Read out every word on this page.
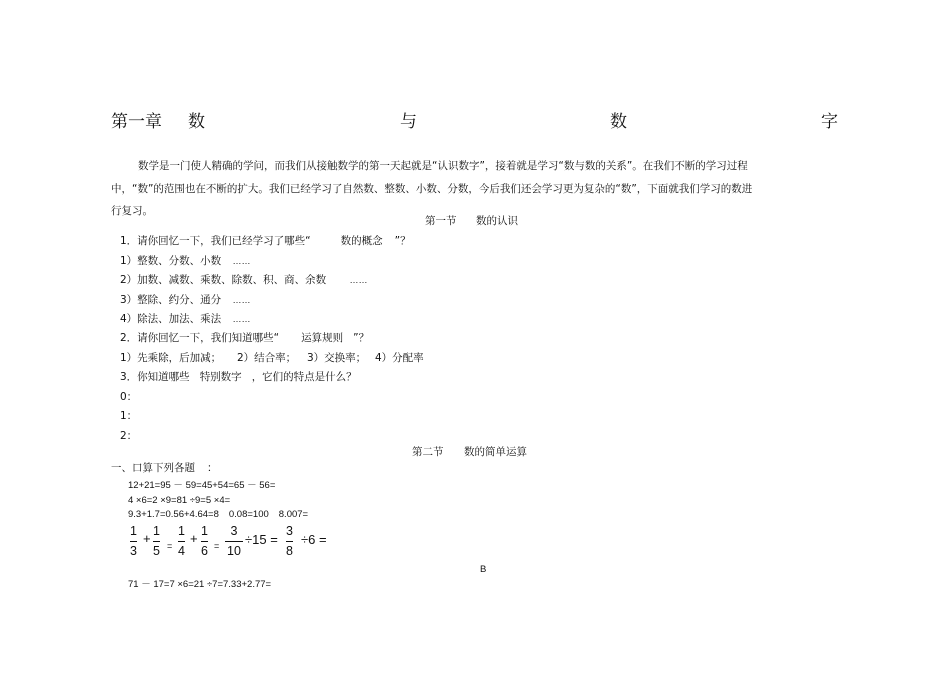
第一章 数	与	数	字
数学是一门使人精确的学问，而我们从接触数学的第一天起就是“认识数字”，接着就是学习“数与数的关系”。在我们不断的学习过程中，“数”的范围也在不断的扩大。我们已经学习了自然数、整数、小数、分数，今后我们还会学习更为复杂的“数”，下面就我们学习的数进行复习。
第一节 数的认识
1．请你回忆一下，我们已经学习了哪些“	数的概念 ”？
1）整数、分数、小数 ……
2）加数、减数、乘数、除数、积、商、余数	……
3）整除、约分、通分 ……
4）除法、加法、乘法 ……
2．请你回忆一下，我们知道哪些“ 运算规则 ”？
1）先乘除，后加减； 2）结合率； 3）交换率； 4）分配率
3．你知道哪些 特别数字 ，它们的特点是什么？
0：
1：
2：
第二节 数的简单运算
一、口算下列各题 ：
12+21=95 － 59=45+54=65 － 56=
4 ×6=2 ×9=81 ÷9=5 ×4=
9.3+1.7=0.56+4.64=8 0.08=100 8.007=
1
3
+ 1
5 =
1
4
+ 1
6 =
3
10
÷15 =
3
8
÷6 =
B
71 － 17=7 ×6=21 ÷7=7.33+2.77=
